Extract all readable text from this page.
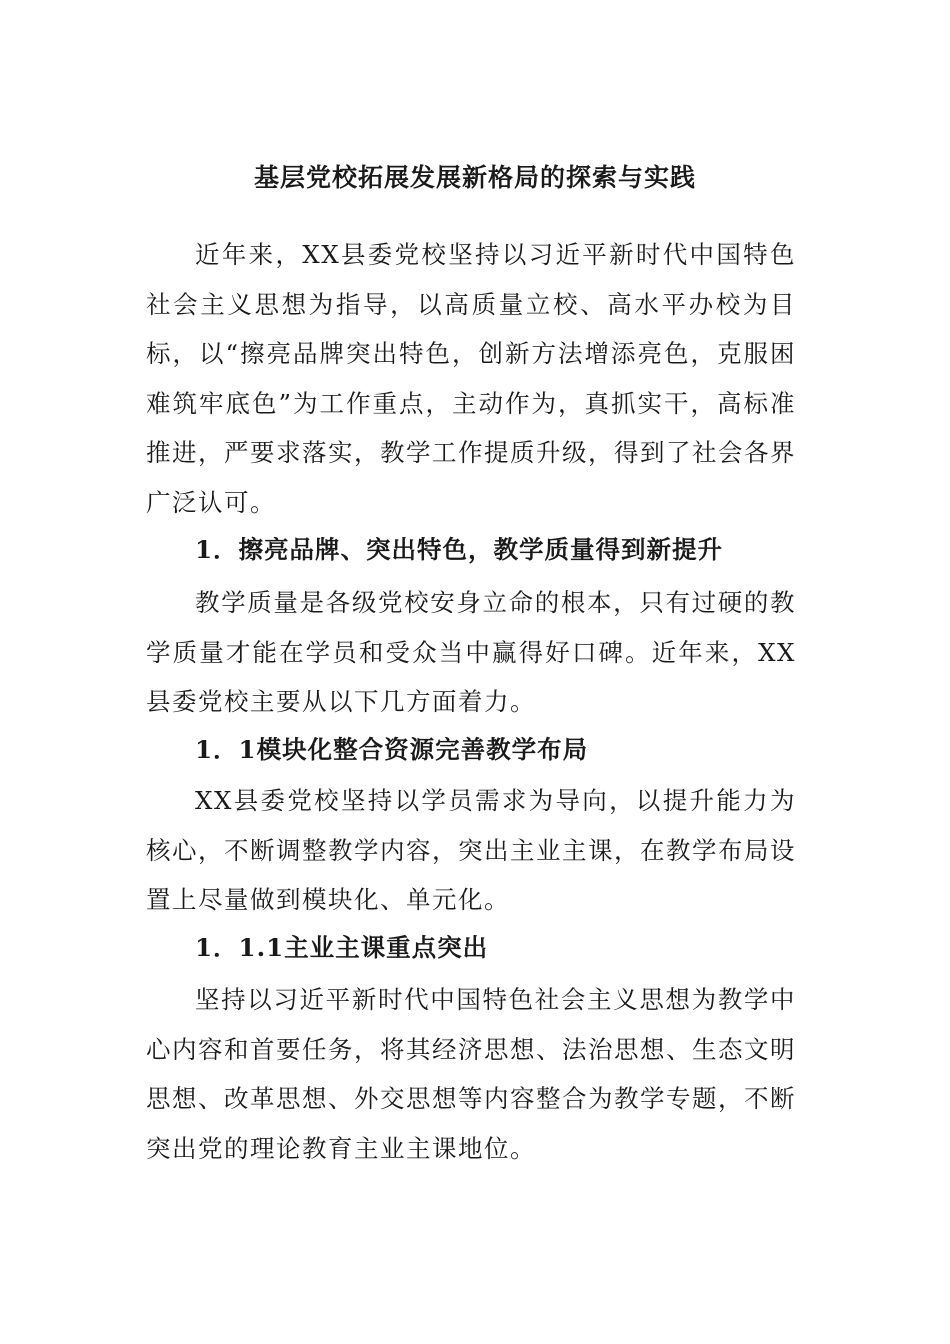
基层党校拓展发展新格局的探索与实践

近年来，XX县委党校坚持以习近平新时代中国特色社会主义思想为指导，以高质量立校、高水平办校为目标，以“擦亮品牌突出特色，创新方法增添亮色，克服困难筑牢底色”为工作重点，主动作为，真抓实干，高标准推进，严要求落实，教学工作提质升级，得到了社会各界广泛认可。

1．擦亮品牌、突出特色，教学质量得到新提升

教学质量是各级党校安身立命的根本，只有过硬的教学质量才能在学员和受众当中赢得好口碑。近年来，XX县委党校主要从以下几方面着力。

1．1模块化整合资源完善教学布局

XX县委党校坚持以学员需求为导向，以提升能力为核心，不断调整教学内容，突出主业主课，在教学布局设置上尽量做到模块化、单元化。

1．1.1主业主课重点突出

坚持以习近平新时代中国特色社会主义思想为教学中心内容和首要任务，将其经济思想、法治思想、生态文明思想、改革思想、外交思想等内容整合为教学专题，不断突出党的理论教育主业主课地位。
